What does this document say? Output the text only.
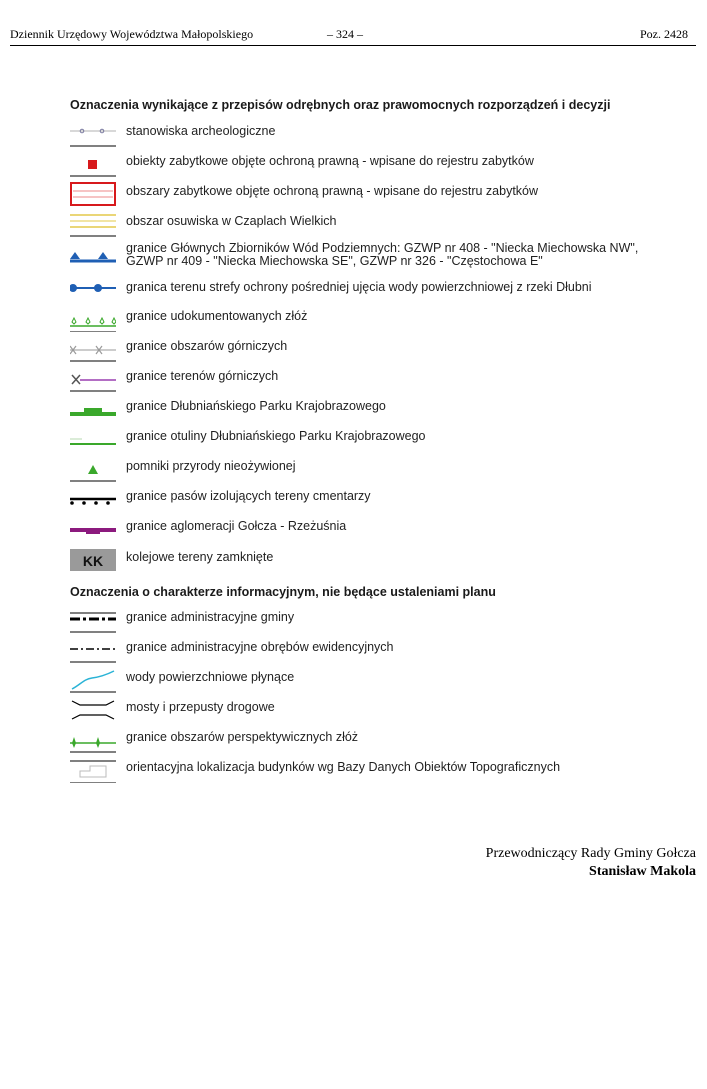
Dziennik Urzędowy Województwa Małopolskiego	– 324 –	Poz. 2428
Oznaczenia wynikające z przepisów odrębnych oraz prawomocnych rozporządzeń i decyzji
stanowiska archeologiczne
obiekty zabytkowe objęte ochroną prawną - wpisane do rejestru zabytków
obszary zabytkowe objęte ochroną prawną - wpisane do rejestru zabytków
obszar osuwiska w Czaplach Wielkich
granice Głównych Zbiorników Wód Podziemnych: GZWP nr 408 - "Niecka Miechowska NW",
GZWP nr 409 - "Niecka Miechowska SE", GZWP nr 326 - "Częstochowa E"
granica terenu strefy ochrony pośredniej ujęcia wody powierzchniowej z rzeki Dłubni
granice udokumentowanych złóż
granice obszarów górniczych
granice terenów górniczych
granice Dłubniańskiego Parku Krajobrazowego
granice otuliny Dłubniańskiego Parku Krajobrazowego
pomniki przyrody nieożywionej
granice pasów izolujących tereny cmentarzy
granice aglomeracji Gołcza - Rzeżuśnia
KK kolejowe tereny zamknięte
Oznaczenia o charakterze informacyjnym, nie będące ustaleniami planu
granice administracyjne gminy
granice administracyjne obrębów ewidencyjnych
wody powierzchniowe płynące
mosty i przepusty drogowe
granice obszarów perspektywicznych złóż
orientacyjna lokalizacja budynków wg Bazy Danych Obiektów Topograficznych
Przewodniczący Rady Gminy Gołcza
Stanisław Makola
